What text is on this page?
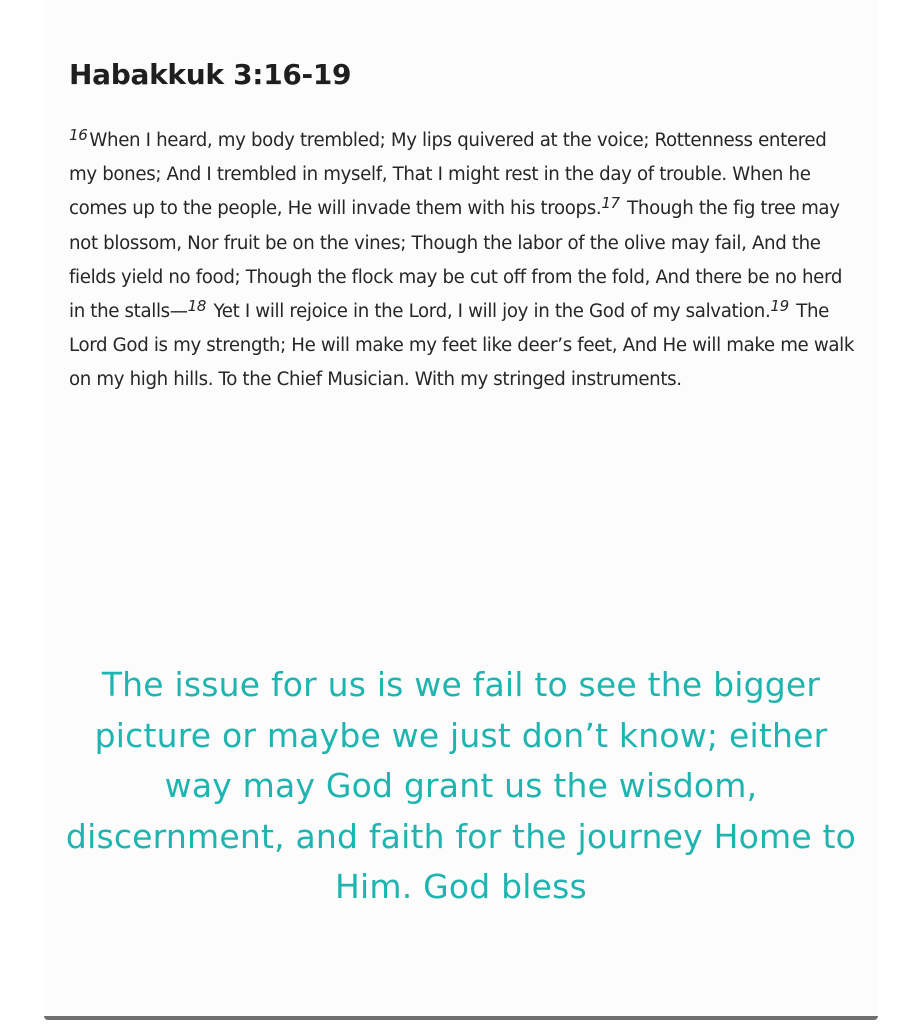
Habakkuk 3:16-19

$^{16}$ When I heard, my body trembled; My lips quivered at the voice; Rottenness entered my bones; And I trembled in myself, That I might rest in the day of trouble. When he comes up to the people, He will invade them with his troops.$^{17}$ Though the fig tree may not blossom, Nor fruit be on the vines; Though the labor of the olive may fail, And the fields yield no food; Though the flock may be cut off from the fold, And there be no herd in the stalls—$^{18}$ Yet I will rejoice in the Lord, I will joy in the God of my salvation.$^{19}$ The Lord God is my strength; He will make my feet like deer’s feet, And He will make me walk on my high hills. To the Chief Musician. With my stringed instruments.

The issue for us is we fail to see the bigger picture or maybe we just don’t know; either way may God grant us the wisdom, discernment, and faith for the journey Home to Him. God bless
